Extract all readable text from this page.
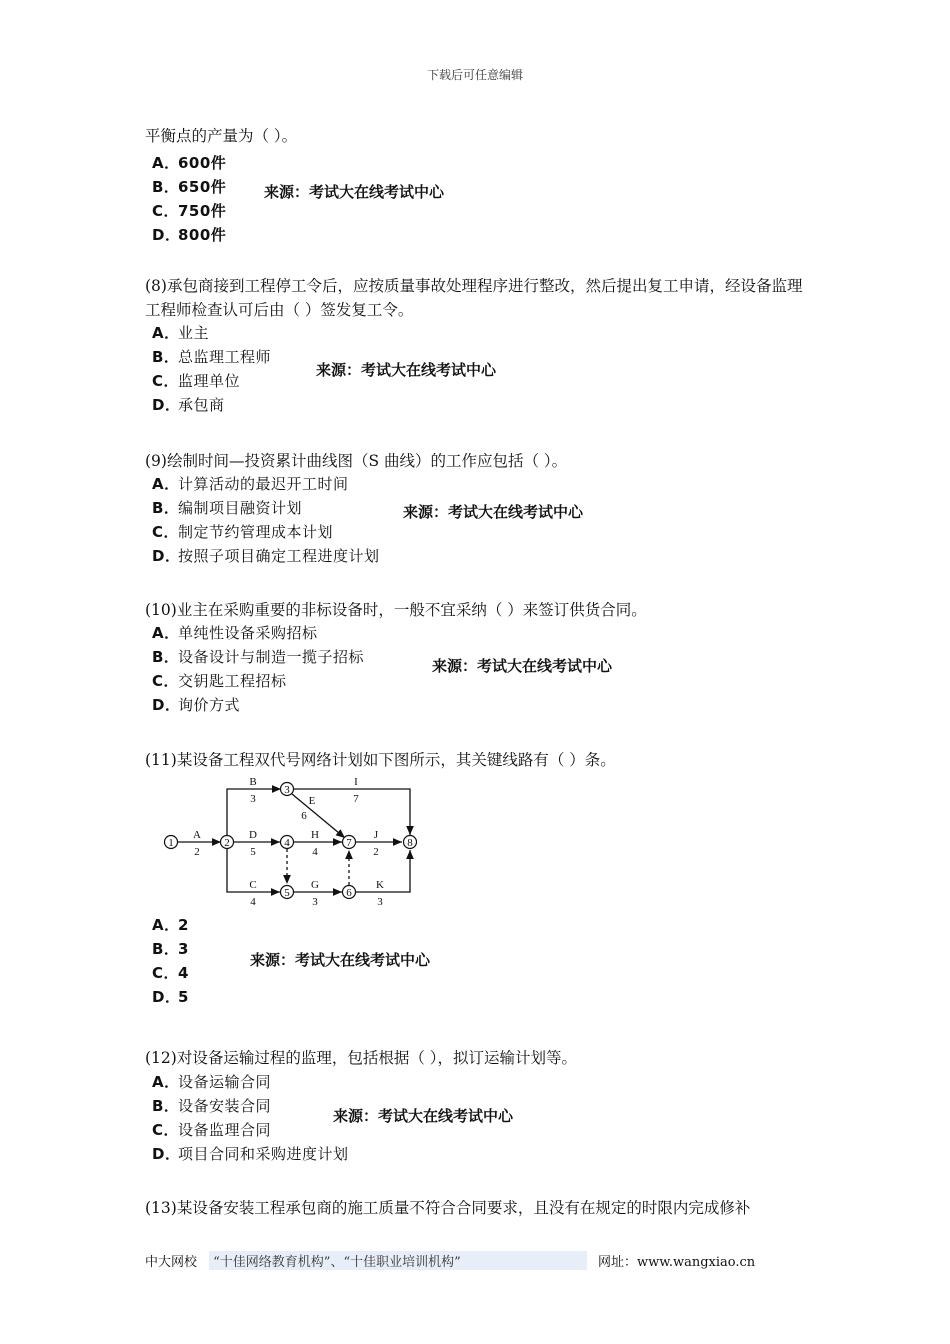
下载后可任意编辑
平衡点的产量为（ ）。
A．600件
B．650件
C．750件
D．800件
来源：考试大在线考试中心
(8)承包商接到工程停工令后，应按质量事故处理程序进行整改，然后提出复工申请，经设备监理工程师检查认可后由（ ）签发复工令。
A．业主
B．总监理工程师
C．监理单位
D．承包商
来源：考试大在线考试中心
(9)绘制时间—投资累计曲线图（S 曲线）的工作应包括（ ）。
A．计算活动的最迟开工时间
B．编制项目融资计划
C．制定节约管理成本计划
D．按照子项目确定工程进度计划
来源：考试大在线考试中心
(10)业主在采购重要的非标设备时，一般不宜采纳（ ）来签订供货合同。
A．单纯性设备采购招标
B．设备设计与制造一揽子招标
C．交钥匙工程招标
D．询价方式
来源：考试大在线考试中心
(11)某设备工程双代号网络计划如下图所示，其关键线路有（ ）条。
1	2
3
4
5	6
7	8
A
2
B
3
C
4
D
5
E
6
G
3
H
4
I
7
J
2
K
3
A．2
B．3
C．4
D．5
来源：考试大在线考试中心
(12)对设备运输过程的监理，包括根据（ ），拟订运输计划等。
A．设备运输合同
B．设备安装合同
C．设备监理合同
D．项目合同和采购进度计划
来源：考试大在线考试中心
(13)某设备安装工程承包商的施工质量不符合合同要求，且没有在规定的时限内完成修补
中大网校 “十佳网络教育机构”、“十佳职业培训机构”	网址：www.wangxiao.cn
